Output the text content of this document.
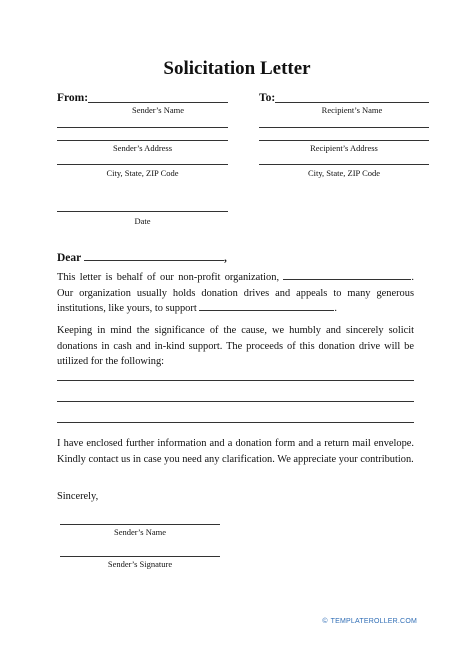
Solicitation Letter
From:
Sender’s Name
To:
Recipient’s Name
Sender’s Address	Recipient’s Address
City, State, ZIP Code	City, State, ZIP Code
Date
Dear	,
This letter is behalf of our non-profit organization,	. Our organization usually holds donation drives and appeals to many generous institutions, like yours, to support	.
Keeping in mind the significance of the cause, we humbly and sincerely solicit donations in cash and in-kind support. The proceeds of this donation drive will be utilized for the following:
I have enclosed further information and a donation form and a return mail envelope. Kindly contact us in case you need any clarification. We appreciate your contribution.
Sincerely,
Sender’s Name
Sender’s Signature
© TEMPLATEROLLER.COM
